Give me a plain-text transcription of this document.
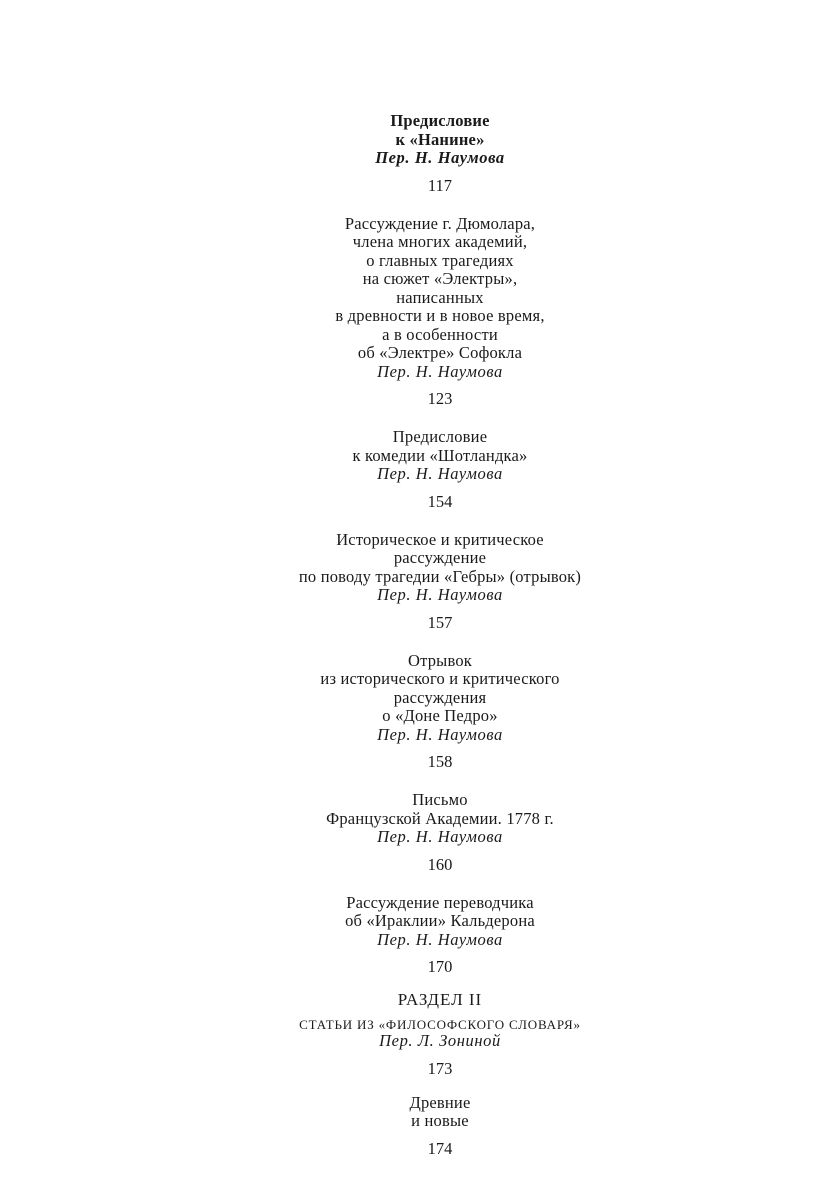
Предисловие
к «Нанине»
Пер. Н. Наумова
117
Рассуждение г. Дюмолара,
члена многих академий,
о главных трагедиях
на сюжет «Электры»,
написанных
в древности и в новое время,
а в особенности
об «Электре» Софокла
Пер. Н. Наумова
123
Предисловие
к комедии «Шотландка»
Пер. Н. Наумова
154
Историческое и критическое
рассуждение
по поводу трагедии «Гебры» (отрывок)
Пер. Н. Наумова
157
Отрывок
из исторического и критического
рассуждения
о «Доне Педро»
Пер. Н. Наумова
158
Письмо
Французской Академии. 1778 г.
Пер. Н. Наумова
160
Рассуждение переводчика
об «Ираклии» Кальдерона
Пер. Н. Наумова
170
РАЗДЕЛ II
СТАТЬИ ИЗ «ФИЛОСОФСКОГО СЛОВАРЯ»
Пер. Л. Зониной
173
Древние
и новые
174
